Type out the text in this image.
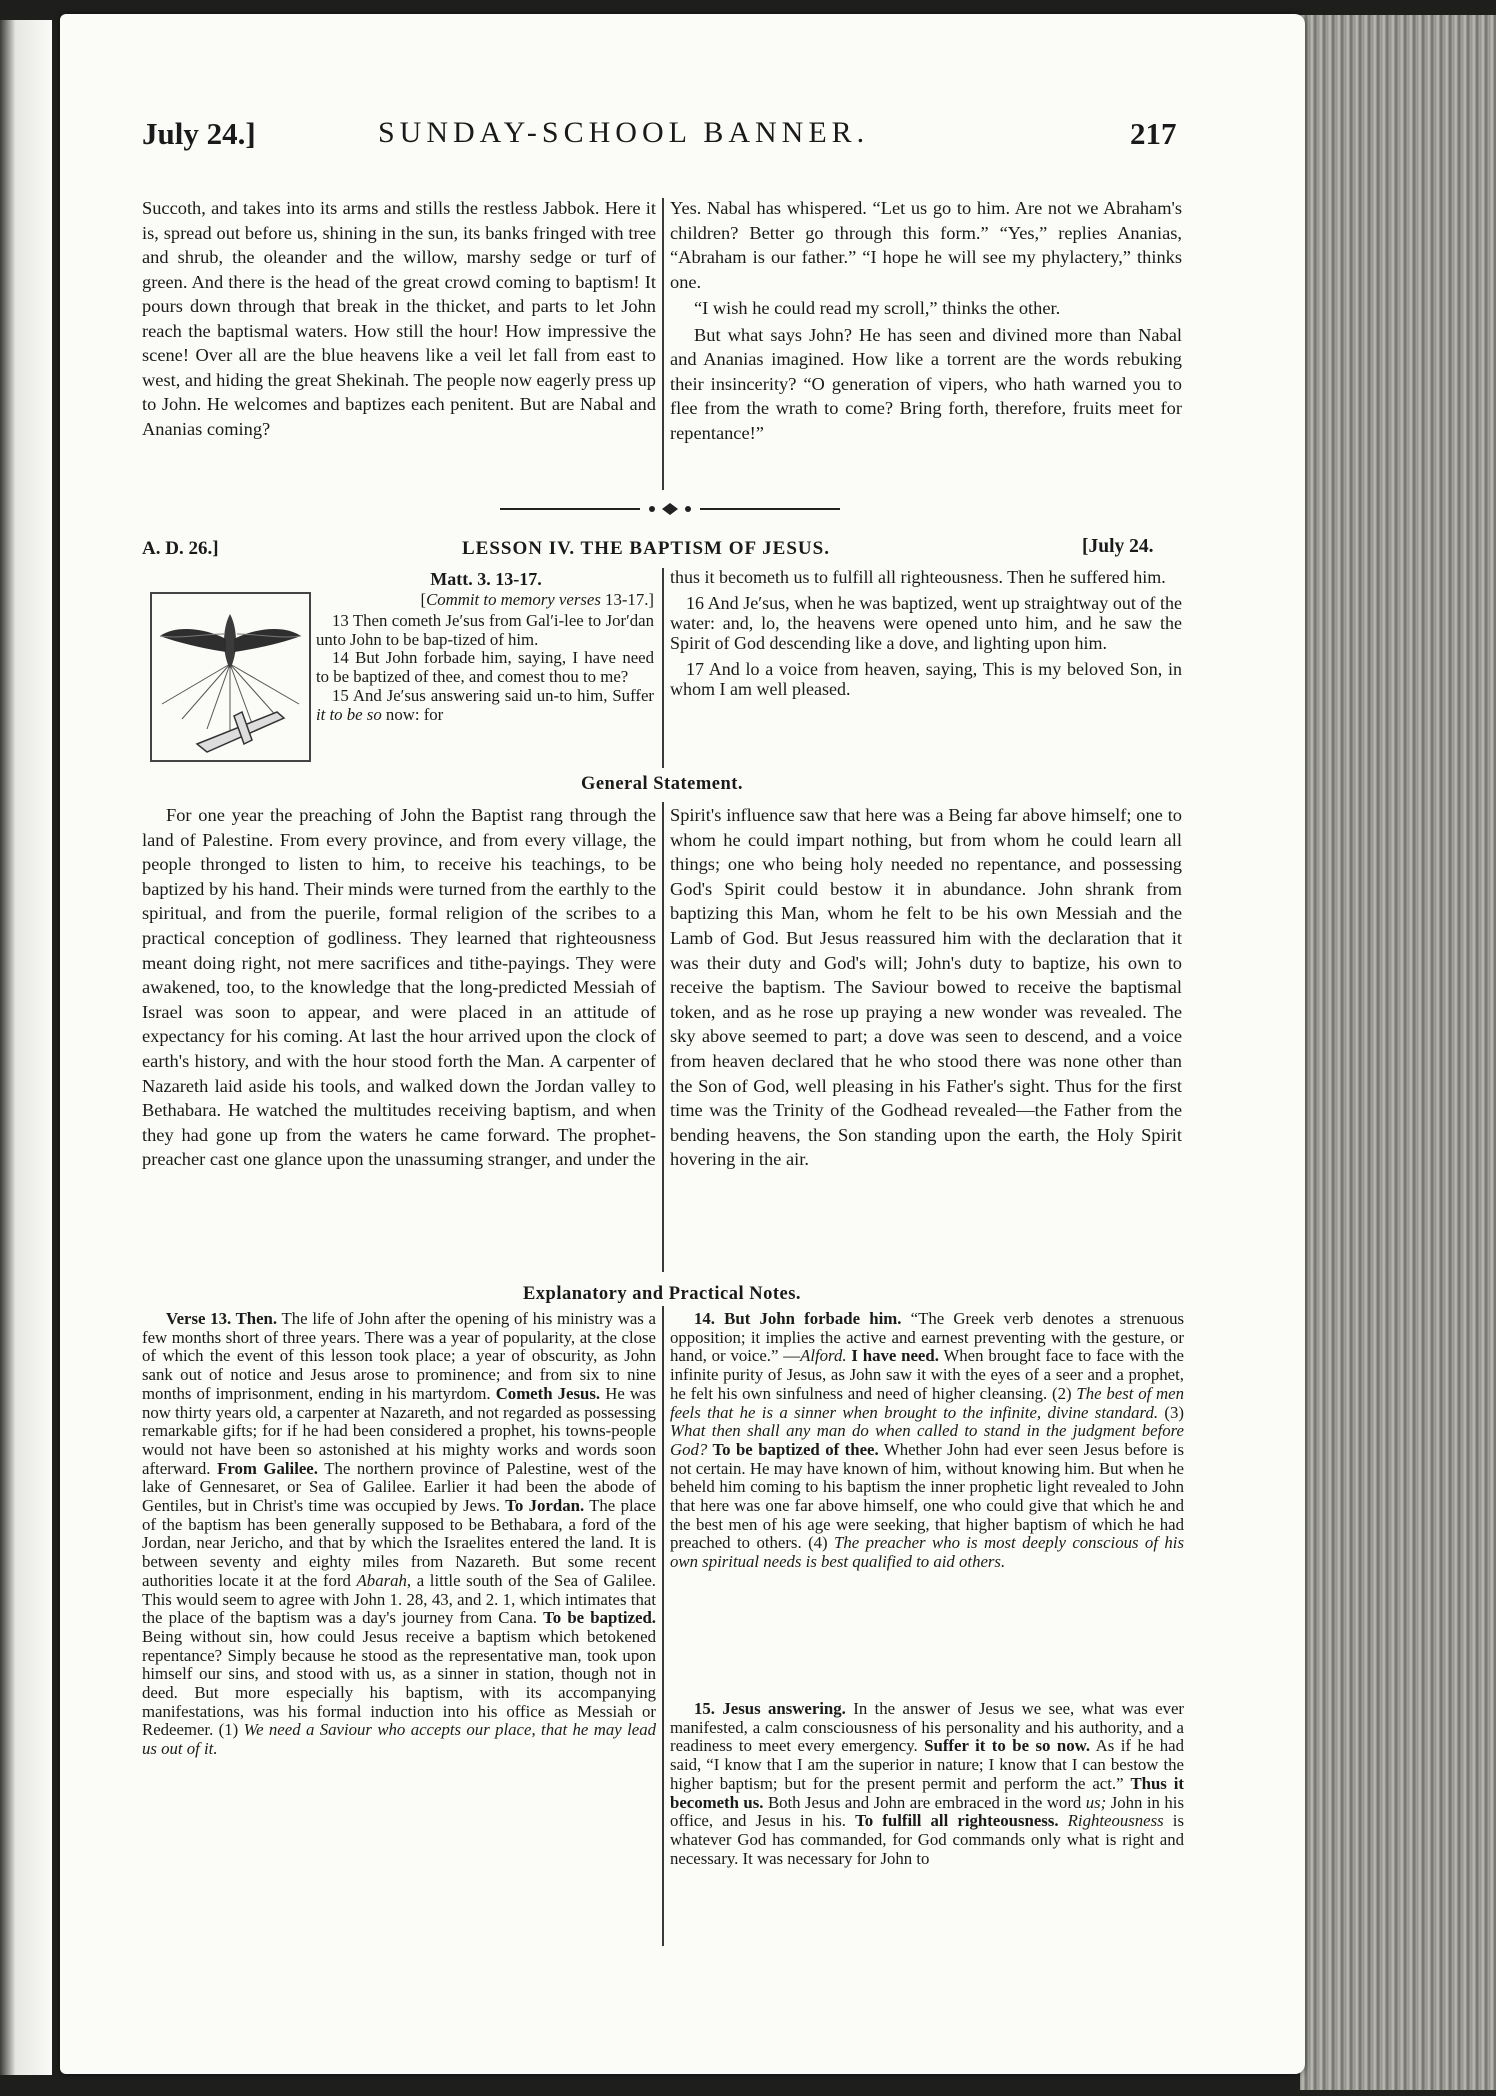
July 24.]	SUNDAY-SCHOOL BANNER.	217

Succoth, and takes into its arms and stills the restless Jabbok. Here it is, spread out before us, shining in the sun, its banks fringed with tree and shrub, the oleander and the willow, marshy sedge or turf of green. And there is the head of the great crowd coming to baptism! It pours down through that break in the thicket, and parts to let John reach the baptismal waters. How still the hour! How impressive the scene! Over all are the blue heavens like a veil let fall from east to west, and hiding the great Shekinah. The people now eagerly press up to John. He welcomes and baptizes each penitent. But are Nabal and Ananias coming?

Yes. Nabal has whispered. “Let us go to him. Are not we Abraham's children? Better go through this form.” “Yes,” replies Ananias, “Abraham is our father.” “I hope he will see my phylactery,” thinks one.

“I wish he could read my scroll,” thinks the other.

But what says John? He has seen and divined more than Nabal and Ananias imagined. How like a torrent are the words rebuking their insincerity? “O generation of vipers, who hath warned you to flee from the wrath to come? Bring forth, therefore, fruits meet for repentance!”

A. D. 26.]	LESSON IV. THE BAPTISM OF JESUS.	[July 24.
Matt. 3. 13-17.
[Commit to memory verses 13-17.]

13 Then cometh Je′sus from Gal′i-lee to Jor′dan unto John to be bap-tized of him.

14 But John forbade him, saying, I have need to be baptized of thee, and comest thou to me?

15 And Je′sus answering said un-to him, Suffer it to be so now: for

thus it becometh us to fulfill all righteousness. Then he suffered him.

16 And Je′sus, when he was baptized, went up straightway out of the water: and, lo, the heavens were opened unto him, and he saw the Spirit of God descending like a dove, and lighting upon him.

17 And lo a voice from heaven, saying, This is my beloved Son, in whom I am well pleased.

General Statement.

For one year the preaching of John the Baptist rang through the land of Palestine. From every province, and from every village, the people thronged to listen to him, to receive his teachings, to be baptized by his hand. Their minds were turned from the earthly to the spiritual, and from the puerile, formal religion of the scribes to a practical conception of godliness. They learned that righteousness meant doing right, not mere sacrifices and tithe-payings. They were awakened, too, to the knowledge that the long-predicted Messiah of Israel was soon to appear, and were placed in an attitude of expectancy for his coming. At last the hour arrived upon the clock of earth's history, and with the hour stood forth the Man. A carpenter of Nazareth laid aside his tools, and walked down the Jordan valley to Bethabara. He watched the multitudes receiving baptism, and when they had gone up from the waters he came forward. The prophet-preacher cast one glance upon the unassuming stranger, and under the

Spirit's influence saw that here was a Being far above himself; one to whom he could impart nothing, but from whom he could learn all things; one who being holy needed no repentance, and possessing God's Spirit could bestow it in abundance. John shrank from baptizing this Man, whom he felt to be his own Messiah and the Lamb of God. But Jesus reassured him with the declaration that it was their duty and God's will; John's duty to baptize, his own to receive the baptism. The Saviour bowed to receive the baptismal token, and as he rose up praying a new wonder was revealed. The sky above seemed to part; a dove was seen to descend, and a voice from heaven declared that he who stood there was none other than the Son of God, well pleasing in his Father's sight. Thus for the first time was the Trinity of the Godhead revealed—the Father from the bending heavens, the Son standing upon the earth, the Holy Spirit hovering in the air.

Explanatory and Practical Notes.

Verse 13. Then. The life of John after the opening of his ministry was a few months short of three years. There was a year of popularity, at the close of which the event of this lesson took place; a year of obscurity, as John sank out of notice and Jesus arose to prominence; and from six to nine months of imprisonment, ending in his martyrdom. Cometh Jesus. He was now thirty years old, a carpenter at Nazareth, and not regarded as possessing remarkable gifts; for if he had been considered a prophet, his towns-people would not have been so astonished at his mighty works and words soon afterward. From Galilee. The northern province of Palestine, west of the lake of Gennesaret, or Sea of Galilee. Earlier it had been the abode of Gentiles, but in Christ's time was occupied by Jews. To Jordan. The place of the baptism has been generally supposed to be Bethabara, a ford of the Jordan, near Jericho, and that by which the Israelites entered the land. It is between seventy and eighty miles from Nazareth. But some recent authorities locate it at the ford Abarah, a little south of the Sea of Galilee. This would seem to agree with John 1. 28, 43, and 2. 1, which intimates that the place of the baptism was a day's journey from Cana. To be baptized. Being without sin, how could Jesus receive a baptism which betokened repentance? Simply because he stood as the representative man, took upon himself our sins, and stood with us, as a sinner in station, though not in deed. But more especially his baptism, with its accompanying manifestations, was his formal induction into his office as Messiah or Redeemer. (1) We need a Saviour who accepts our place, that he may lead us out of it.

14. But John forbade him. “The Greek verb denotes a strenuous opposition; it implies the active and earnest preventing with the gesture, or hand, or voice.” —Alford. I have need. When brought face to face with the infinite purity of Jesus, as John saw it with the eyes of a seer and a prophet, he felt his own sinfulness and need of higher cleansing. (2) The best of men feels that he is a sinner when brought to the infinite, divine standard. (3) What then shall any man do when called to stand in the judgment before God? To be baptized of thee. Whether John had ever seen Jesus before is not certain. He may have known of him, without knowing him. But when he beheld him coming to his baptism the inner prophetic light revealed to John that here was one far above himself, one who could give that which he and the best men of his age were seeking, that higher baptism of which he had preached to others. (4) The preacher who is most deeply conscious of his own spiritual needs is best qualified to aid others.

15. Jesus answering. In the answer of Jesus we see, what was ever manifested, a calm consciousness of his personality and his authority, and a readiness to meet every emergency. Suffer it to be so now. As if he had said, “I know that I am the superior in nature; I know that I can bestow the higher baptism; but for the present permit and perform the act.” Thus it becometh us. Both Jesus and John are embraced in the word us; John in his office, and Jesus in his. To fulfill all righteousness. Righteousness is whatever God has commanded, for God commands only what is right and necessary. It was necessary for John to
